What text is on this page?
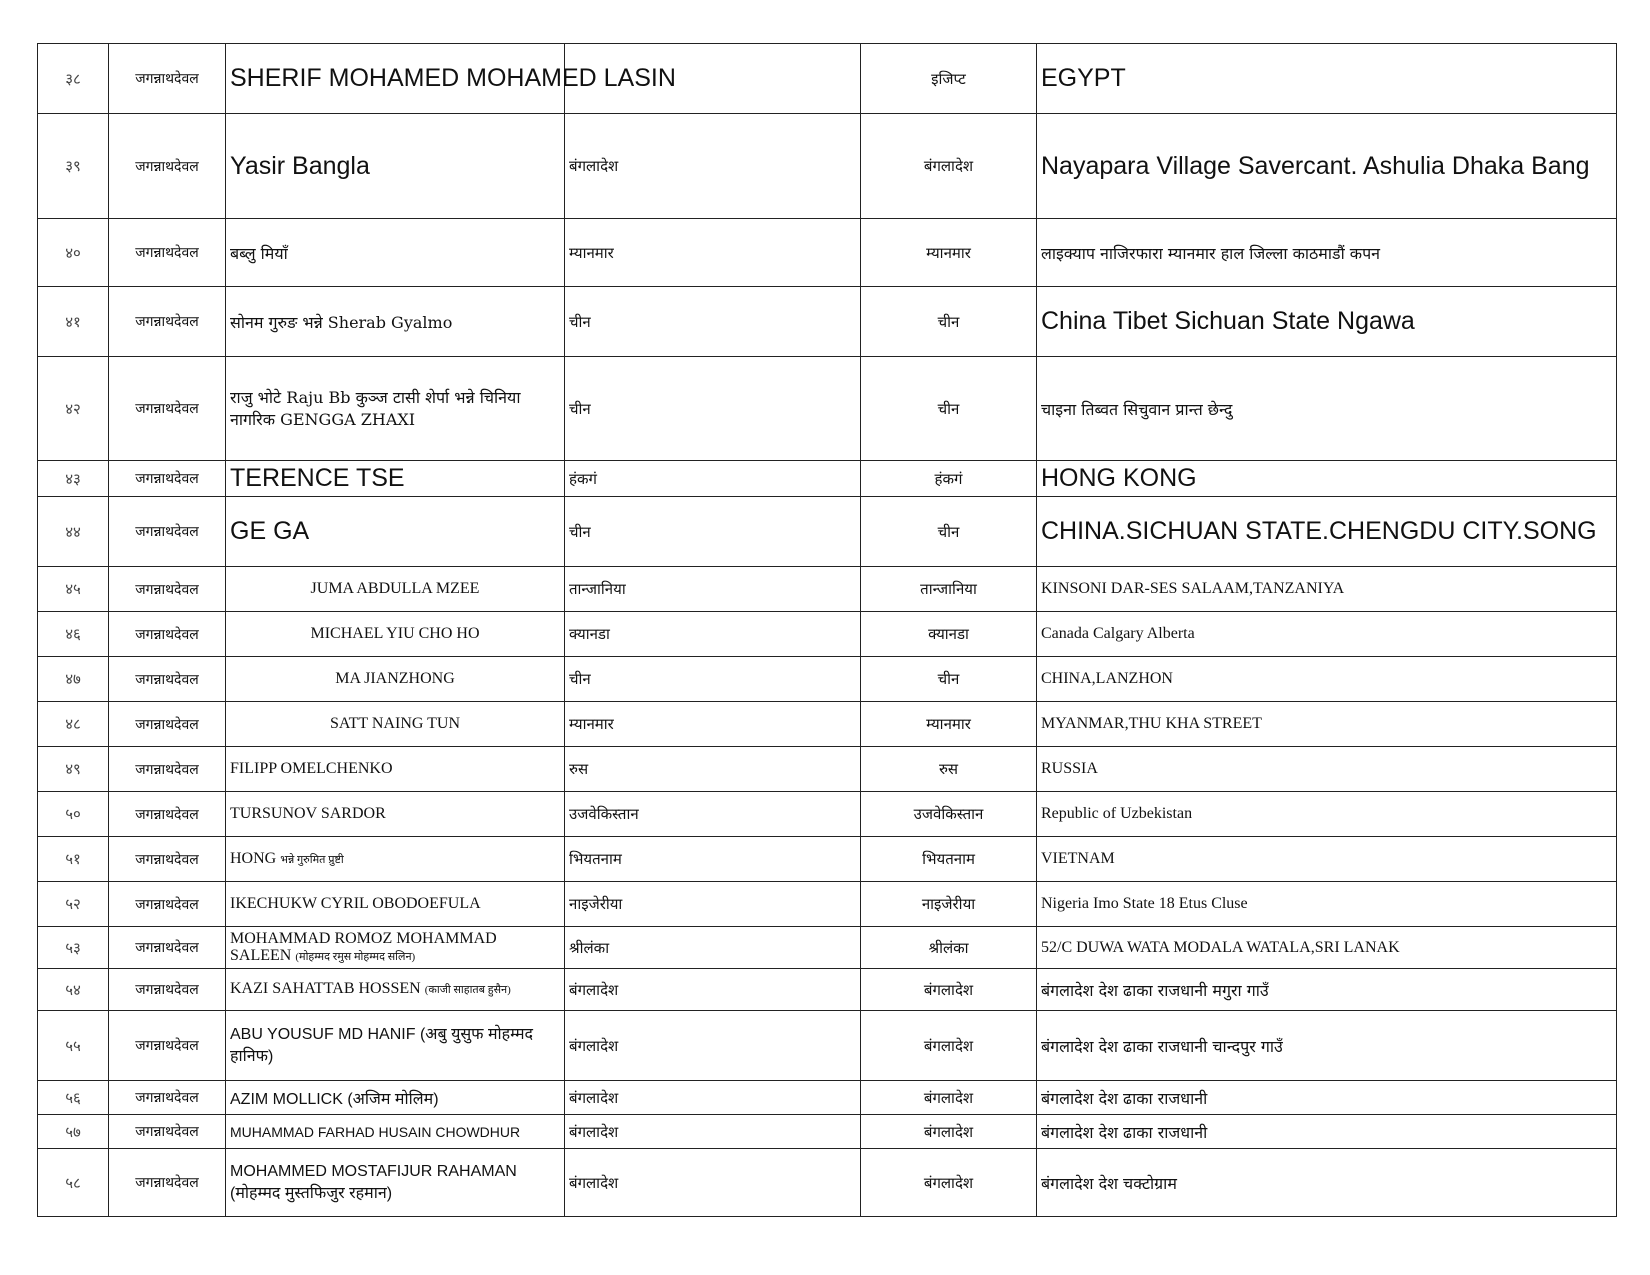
३८	जगन्नाथदेवल	SHERIF MOHAMED MOHAMED LASIN		इजिप्ट	EGYPT
३९	जगन्नाथदेवल	Yasir Bangla	बंगलादेश	बंगलादेश	Nayapara Village Savercant. Ashulia Dhaka Bang
४०	जगन्नाथदेवल	बब्लु मियाँ	म्यानमार	म्यानमार	लाइक्याप नाजिरफारा म्यानमार हाल जिल्ला काठमाडौं कपन
४१	जगन्नाथदेवल	सोनम गुरुङ भन्ने Sherab Gyalmo	चीन	चीन	China Tibet Sichuan State Ngawa
४२	जगन्नाथदेवल	राजु भोटे Raju Bb कुञ्ज टासी शेर्पा भन्ने चिनिया नागरिक GENGGA ZHAXI	चीन	चीन	चाइना तिब्वत सिचुवान प्रान्त छेन्दु
४३	जगन्नाथदेवल	TERENCE TSE	हंकगं	हंकगं	HONG KONG
४४	जगन्नाथदेवल	GE GA	चीन	चीन	CHINA.SICHUAN STATE.CHENGDU CITY.SONG
४५	जगन्नाथदेवल	JUMA ABDULLA MZEE	तान्जानिया	तान्जानिया	KINSONI DAR-SES SALAAM,TANZANIYA
४६	जगन्नाथदेवल	MICHAEL YIU CHO HO	क्यानडा	क्यानडा	Canada Calgary Alberta
४७	जगन्नाथदेवल	MA JIANZHONG	चीन	चीन	CHINA,LANZHON
४८	जगन्नाथदेवल	SATT NAING TUN	म्यानमार	म्यानमार	MYANMAR,THU KHA STREET
४९	जगन्नाथदेवल	FILIPP OMELCHENKO	रुस	रुस	RUSSIA
५०	जगन्नाथदेवल	TURSUNOV SARDOR	उजवेकिस्तान	उजवेकिस्तान	Republic of Uzbekistan
५१	जगन्नाथदेवल	HONG भन्ने गुरुमित प्रुष्टी	भियतनाम	भियतनाम	VIETNAM
५२	जगन्नाथदेवल	IKECHUKW CYRIL OBODOEFULA	नाइजेरीया	नाइजेरीया	Nigeria Imo State 18 Etus Cluse
५३	जगन्नाथदेवल	MOHAMMAD ROMOZ MOHAMMAD SALEEN (मोहम्मद रमुस मोहम्मद सलिन)	श्रीलंका	श्रीलंका	52/C DUWA WATA MODALA WATALA,SRI LANAK
५४	जगन्नाथदेवल	KAZI SAHATTAB HOSSEN (काजी साहातब हुसैन)	बंगलादेश	बंगलादेश	बंगलादेश देश ढाका राजधानी मगुरा गाउँ
५५	जगन्नाथदेवल	ABU YOUSUF MD HANIF (अबु युसुफ मोहम्मद हानिफ)	बंगलादेश	बंगलादेश	बंगलादेश देश ढाका राजधानी चान्दपुर गाउँ
५६	जगन्नाथदेवल	AZIM MOLLICK (अजिम मोलिम)	बंगलादेश	बंगलादेश	बंगलादेश देश ढाका राजधानी
५७	जगन्नाथदेवल	MUHAMMAD FARHAD HUSAIN CHOWDHUR	बंगलादेश	बंगलादेश	बंगलादेश देश ढाका राजधानी
५८	जगन्नाथदेवल	MOHAMMED MOSTAFIJUR RAHAMAN (मोहम्मद मुस्तफिजुर रहमान)	बंगलादेश	बंगलादेश	बंगलादेश देश चक्टोग्राम
